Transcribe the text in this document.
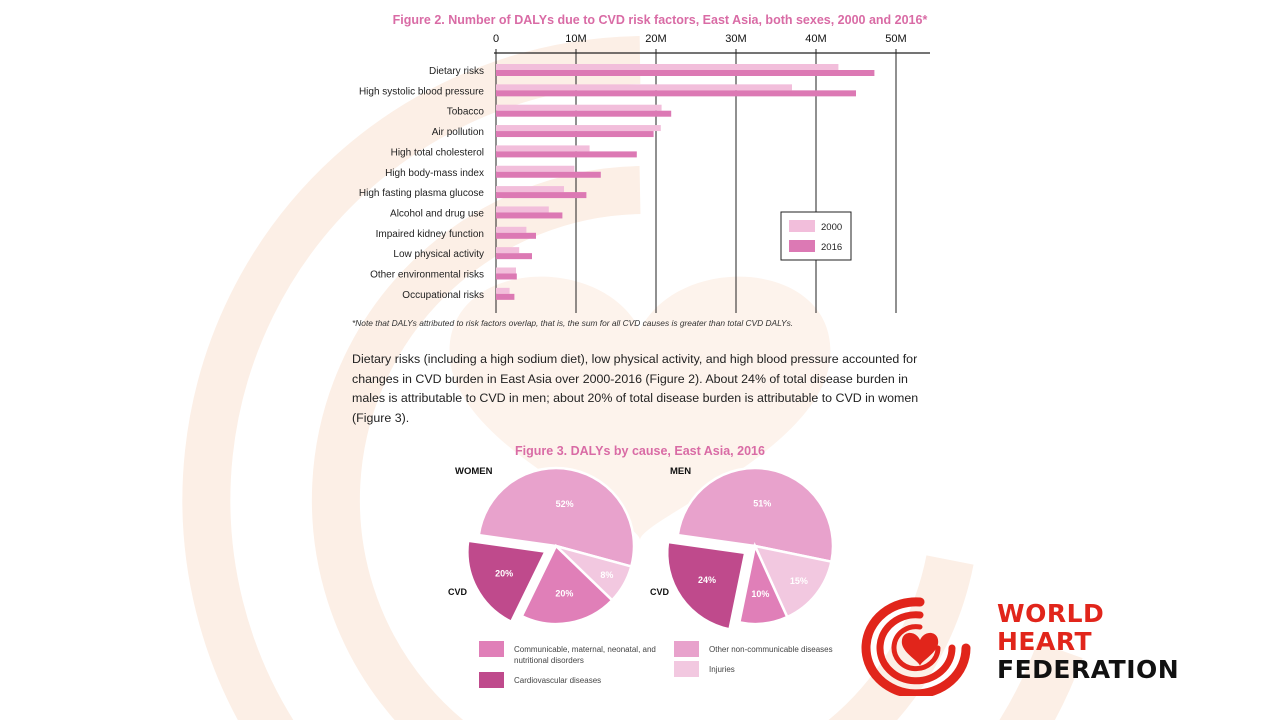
Figure 2. Number of DALYs due to CVD risk factors, East Asia, both sexes, 2000 and 2016*
0	10M	20M	30M	40M	50M
Dietary risks
High systolic blood pressure
Tobacco
Air pollution
High total cholesterol
High body-mass index
High fasting plasma glucose
Alcohol and drug use
Impaired kidney function
Low physical activity
Other environmental risks
Occupational risks
2000
2016
*Note that DALYs attributed to risk factors overlap, that is, the sum for all CVD causes is greater than total CVD DALYs.
Dietary risks (including a high sodium diet), low physical activity, and high blood pressure accounted for changes in CVD burden in East Asia over 2000-2016 (Figure 2). About 24% of total disease burden in males is attributable to CVD in men; about 20% of total disease burden is attributable to CVD in women (Figure 3).
Figure 3. DALYs by cause, East Asia, 2016
WOMEN	MEN
CVD	CVD
52%
8%
20%
20%
51%
15%
10%
24%
Communicable, maternal, neonatal, and nutritional disorders
Cardiovascular diseases
Other non-communicable diseases
Injuries
WORLD
HEART
FEDERATION
